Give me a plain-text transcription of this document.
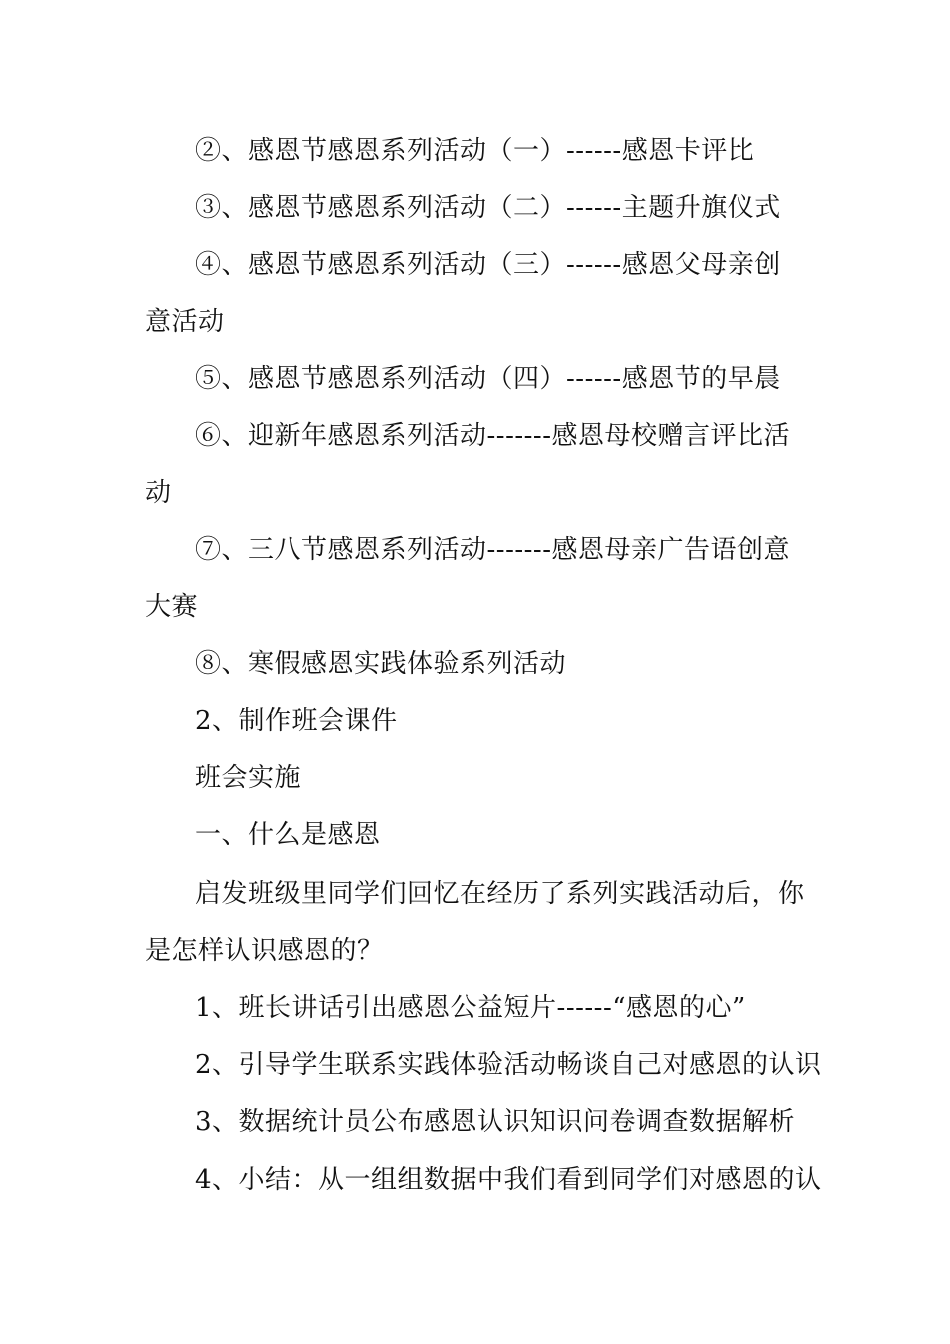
②、感恩节感恩系列活动（一）------感恩卡评比
③、感恩节感恩系列活动（二）------主题升旗仪式
④、感恩节感恩系列活动（三）------感恩父母亲创
意活动
⑤、感恩节感恩系列活动（四）------感恩节的早晨
⑥、迎新年感恩系列活动-------感恩母校赠言评比活
动
⑦、三八节感恩系列活动-------感恩母亲广告语创意
大赛
⑧、寒假感恩实践体验系列活动
2、制作班会课件
班会实施
一、什么是感恩
启发班级里同学们回忆在经历了系列实践活动后，你
是怎样认识感恩的？
1、班长讲话引出感恩公益短片------“感恩的心”
2、引导学生联系实践体验活动畅谈自己对感恩的认识
3、数据统计员公布感恩认识知识问卷调查数据解析
4、小结：从一组组数据中我们看到同学们对感恩的认
